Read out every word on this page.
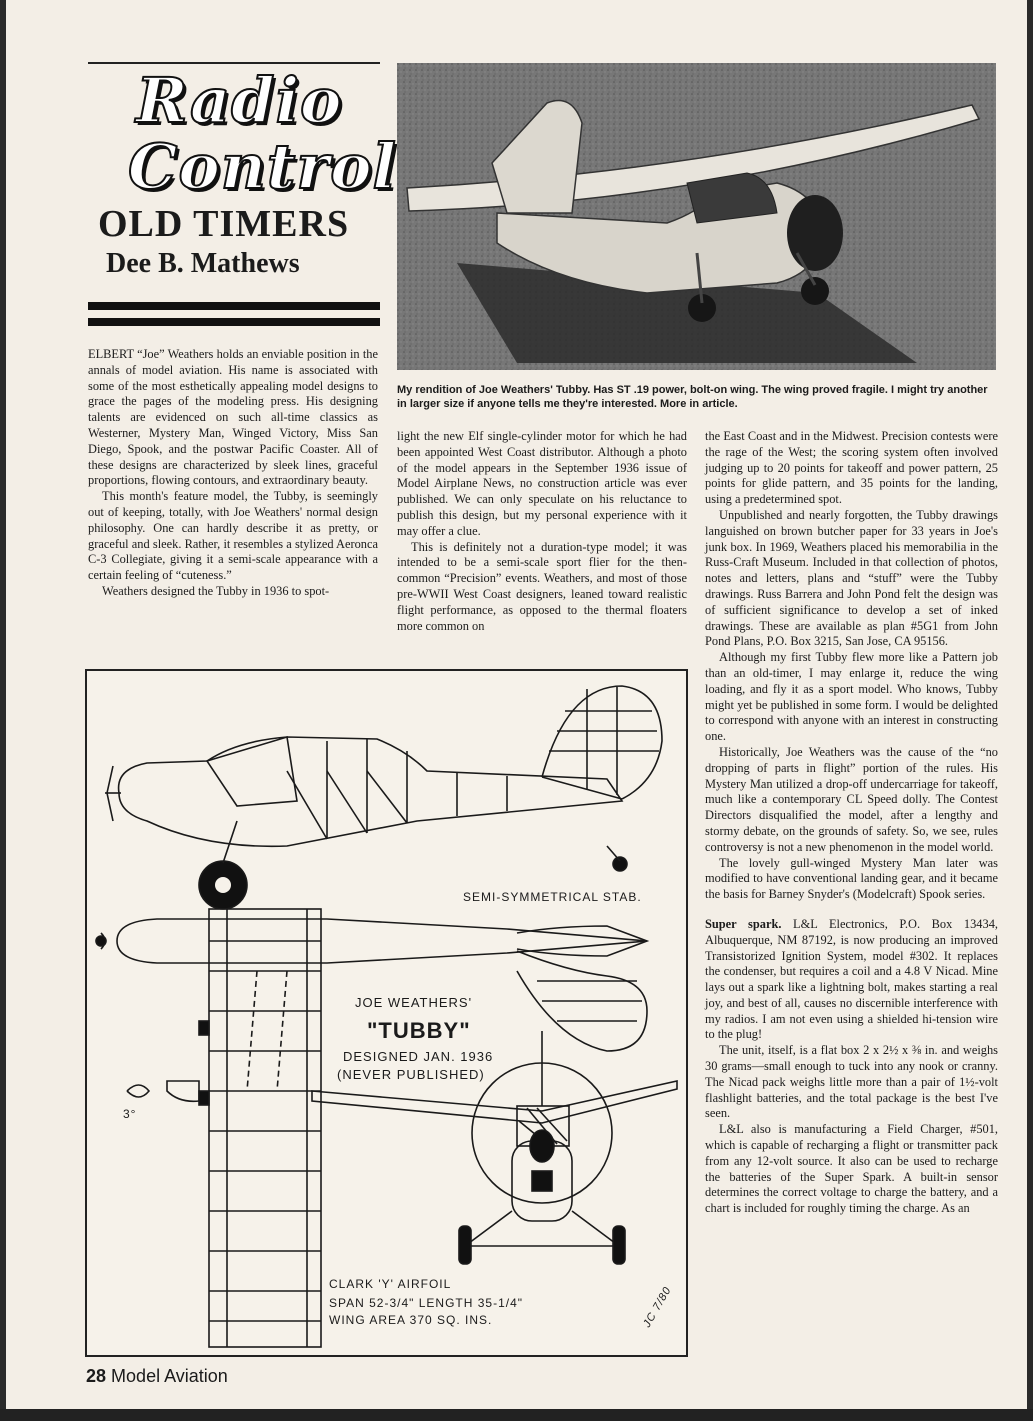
Radio
Control
OLD TIMERS
Dee B. Mathews
My rendition of Joe Weathers' Tubby. Has ST .19 power, bolt-on wing. The wing proved fragile. I might try another in larger size if anyone tells me they're interested. More in article.

ELBERT “Joe” Weathers holds an enviable position in the annals of model aviation. His name is associated with some of the most esthetically appealing model designs to grace the pages of the modeling press. His designing talents are evidenced on such all-time classics as Westerner, Mystery Man, Winged Victory, Miss San Diego, Spook, and the postwar Pacific Coaster. All of these designs are characterized by sleek lines, graceful proportions, flowing contours, and extraordinary beauty.

This month's feature model, the Tubby, is seemingly out of keeping, totally, with Joe Weathers' normal design philosophy. One can hardly describe it as pretty, or graceful and sleek. Rather, it resembles a stylized Aeronca C-3 Collegiate, giving it a semi-scale appearance with a certain feeling of “cuteness.”

Weathers designed the Tubby in 1936 to spot-

light the new Elf single-cylinder motor for which he had been appointed West Coast distributor. Although a photo of the model appears in the September 1936 issue of Model Airplane News, no construction article was ever published. We can only speculate on his reluctance to publish this design, but my personal experience with it may offer a clue.

This is definitely not a duration-type model; it was intended to be a semi-scale sport flier for the then-common “Precision” events. Weathers, and most of those pre-WWII West Coast designers, leaned toward realistic flight performance, as opposed to the thermal floaters more common on

the East Coast and in the Midwest. Precision contests were the rage of the West; the scoring system often involved judging up to 20 points for takeoff and power pattern, 25 points for glide pattern, and 35 points for the landing, using a predetermined spot.

Unpublished and nearly forgotten, the Tubby drawings languished on brown butcher paper for 33 years in Joe's junk box. In 1969, Weathers placed his memorabilia in the Russ-Craft Museum. Included in that collection of photos, notes and letters, plans and “stuff” were the Tubby drawings. Russ Barrera and John Pond felt the design was of sufficient significance to develop a set of inked drawings. These are available as plan #5G1 from John Pond Plans, P.O. Box 3215, San Jose, CA 95156.

Although my first Tubby flew more like a Pattern job than an old-timer, I may enlarge it, reduce the wing loading, and fly it as a sport model. Who knows, Tubby might yet be published in some form. I would be delighted to correspond with anyone with an interest in constructing one.

Historically, Joe Weathers was the cause of the “no dropping of parts in flight” portion of the rules. His Mystery Man utilized a drop-off undercarriage for takeoff, much like a contemporary CL Speed dolly. The Contest Directors disqualified the model, after a lengthy and stormy debate, on the grounds of safety. So, we see, rules controversy is not a new phenomenon in the model world.

The lovely gull-winged Mystery Man later was modified to have conventional landing gear, and it became the basis for Barney Snyder's (Modelcraft) Spook series.

Super spark. L&L Electronics, P.O. Box 13434, Albuquerque, NM 87192, is now producing an improved Transistorized Ignition System, model #302. It replaces the condenser, but requires a coil and a 4.8 V Nicad. Mine lays out a spark like a lightning bolt, makes starting a real joy, and best of all, causes no discernible interference with my radios. I am not even using a shielded hi-tension wire to the plug!

The unit, itself, is a flat box 2 x 2½ x ⅜ in. and weighs 30 grams—small enough to tuck into any nook or cranny. The Nicad pack weighs little more than a pair of 1½-volt flashlight batteries, and the total package is the best I've seen.

L&L also is manufacturing a Field Charger, #501, which is capable of recharging a flight or transmitter pack from any 12-volt source. It also can be used to recharge the batteries of the Super Spark. A built-in sensor determines the correct voltage to charge the battery, and a chart is included for roughly timing the charge. As an

SEMI-SYMMETRICAL STAB.
JOE WEATHERS'
"TUBBY"
DESIGNED JAN. 1936
(NEVER PUBLISHED)
3°
CLARK 'Y' AIRFOIL
SPAN 52-3/4" LENGTH 35-1/4"
WING AREA 370 SQ. INS.	JC 7/80
28 Model Aviation
